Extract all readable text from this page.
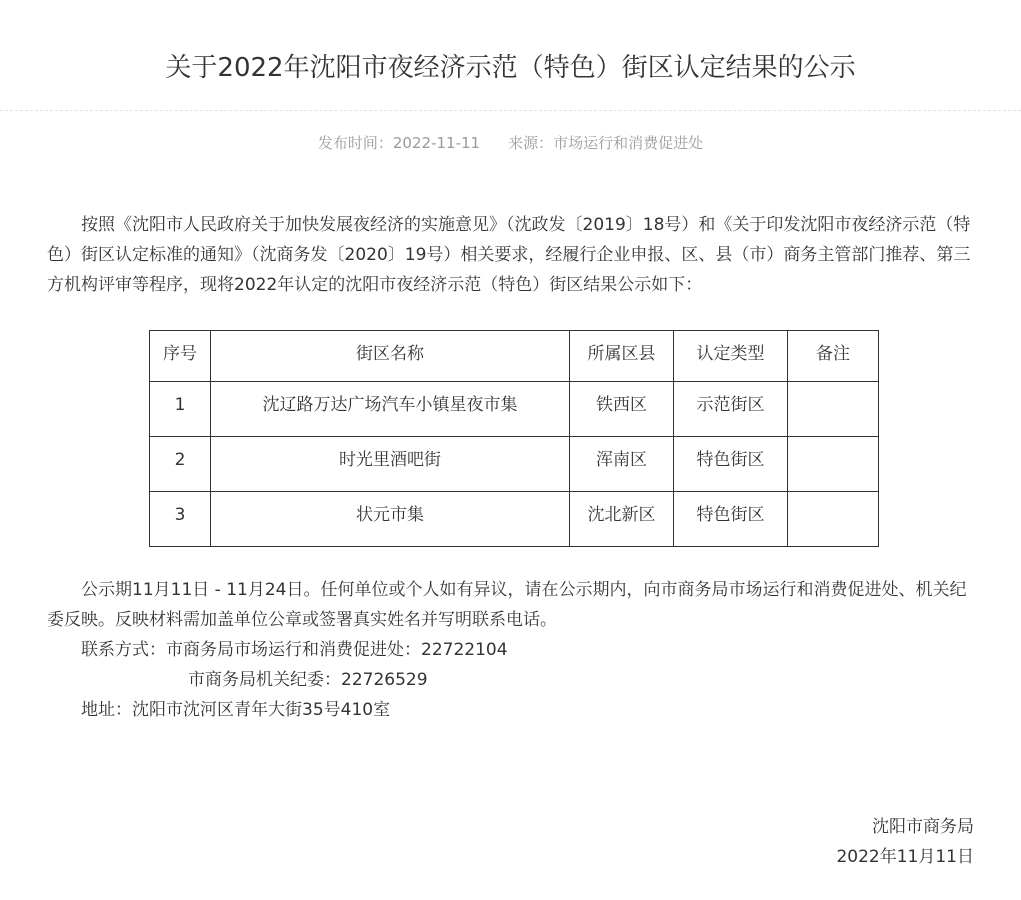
关于2022年沈阳市夜经济示范（特色）街区认定结果的公示
发布时间：2022-11-11 来源：市场运行和消费促进处

按照《沈阳市人民政府关于加快发展夜经济的实施意见》（沈政发〔2019〕18号）和《关于印发沈阳市夜经济示范（特色）街区认定标准的通知》（沈商务发〔2020〕19号）相关要求，经履行企业申报、区、县（市）商务主管部门推荐、第三方机构评审等程序，现将2022年认定的沈阳市夜经济示范（特色）街区结果公示如下：

序号	街区名称	所属区县	认定类型	备注
1	沈辽路万达广场汽车小镇星夜市集	铁西区	示范街区	
2	时光里酒吧街	浑南区	特色街区	
3	状元市集	沈北新区	特色街区	

公示期11月11日 - 11月24日。任何单位或个人如有异议，请在公示期内，向市商务局市场运行和消费促进处、机关纪委反映。反映材料需加盖单位公章或签署真实姓名并写明联系电话。

联系方式：市商务局市场运行和消费促进处：22722104

市商务局机关纪委：22726529

地址：沈阳市沈河区青年大街35号410室

沈阳市商务局
2022年11月11日
